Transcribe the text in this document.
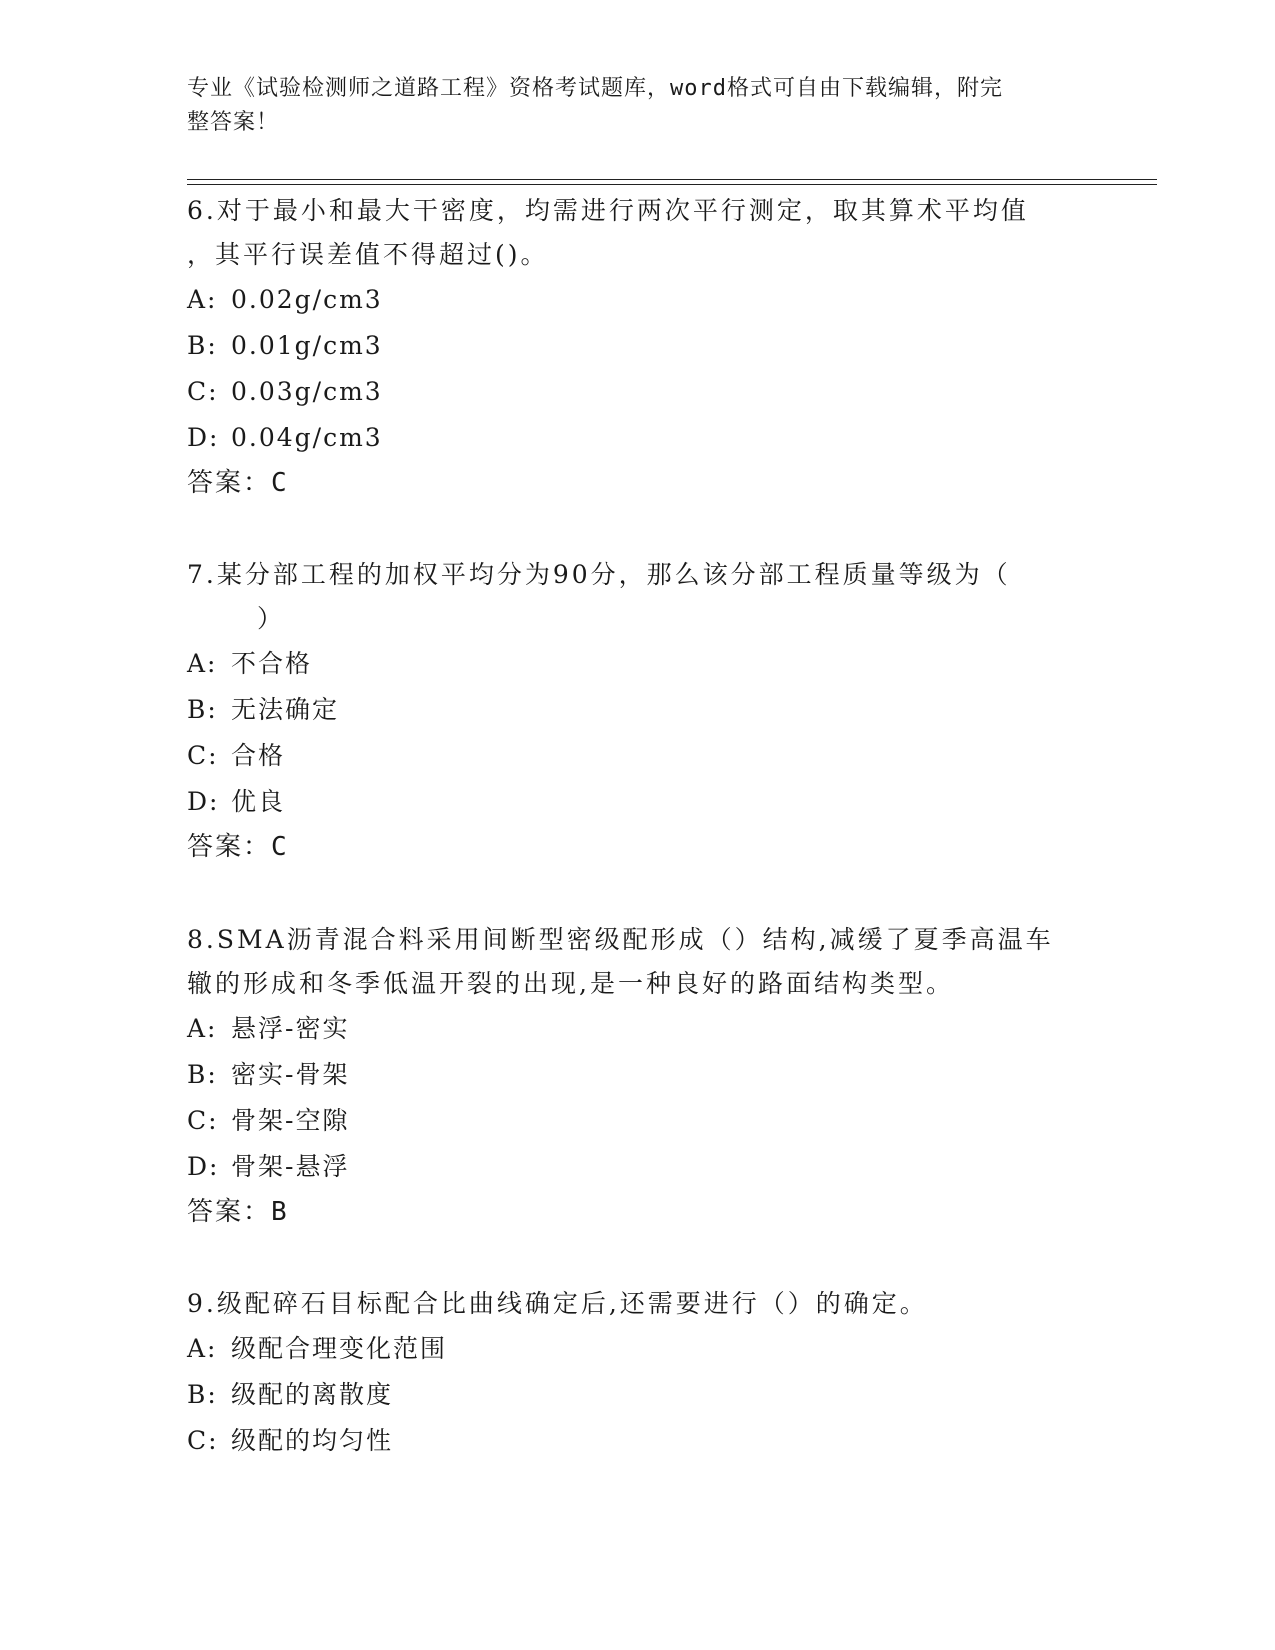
专业《试验检测师之道路工程》资格考试题库，word格式可自由下载编辑，附完
整答案！

6.对于最小和最大干密度，均需进行两次平行测定，取其算术平均值

，其平行误差值不得超过()。

A: 0.02g/cm3

B: 0.01g/cm3

C: 0.03g/cm3

D: 0.04g/cm3

答案：C

7.某分部工程的加权平均分为90分，那么该分部工程质量等级为（

）

A: 不合格

B: 无法确定

C: 合格

D: 优良

答案：C

8.SMA沥青混合料采用间断型密级配形成（）结构,减缓了夏季高温车

辙的形成和冬季低温开裂的出现,是一种良好的路面结构类型。

A: 悬浮-密实

B: 密实-骨架

C: 骨架-空隙

D: 骨架-悬浮

答案：B

9.级配碎石目标配合比曲线确定后,还需要进行（）的确定。

A: 级配合理变化范围

B: 级配的离散度

C: 级配的均匀性
